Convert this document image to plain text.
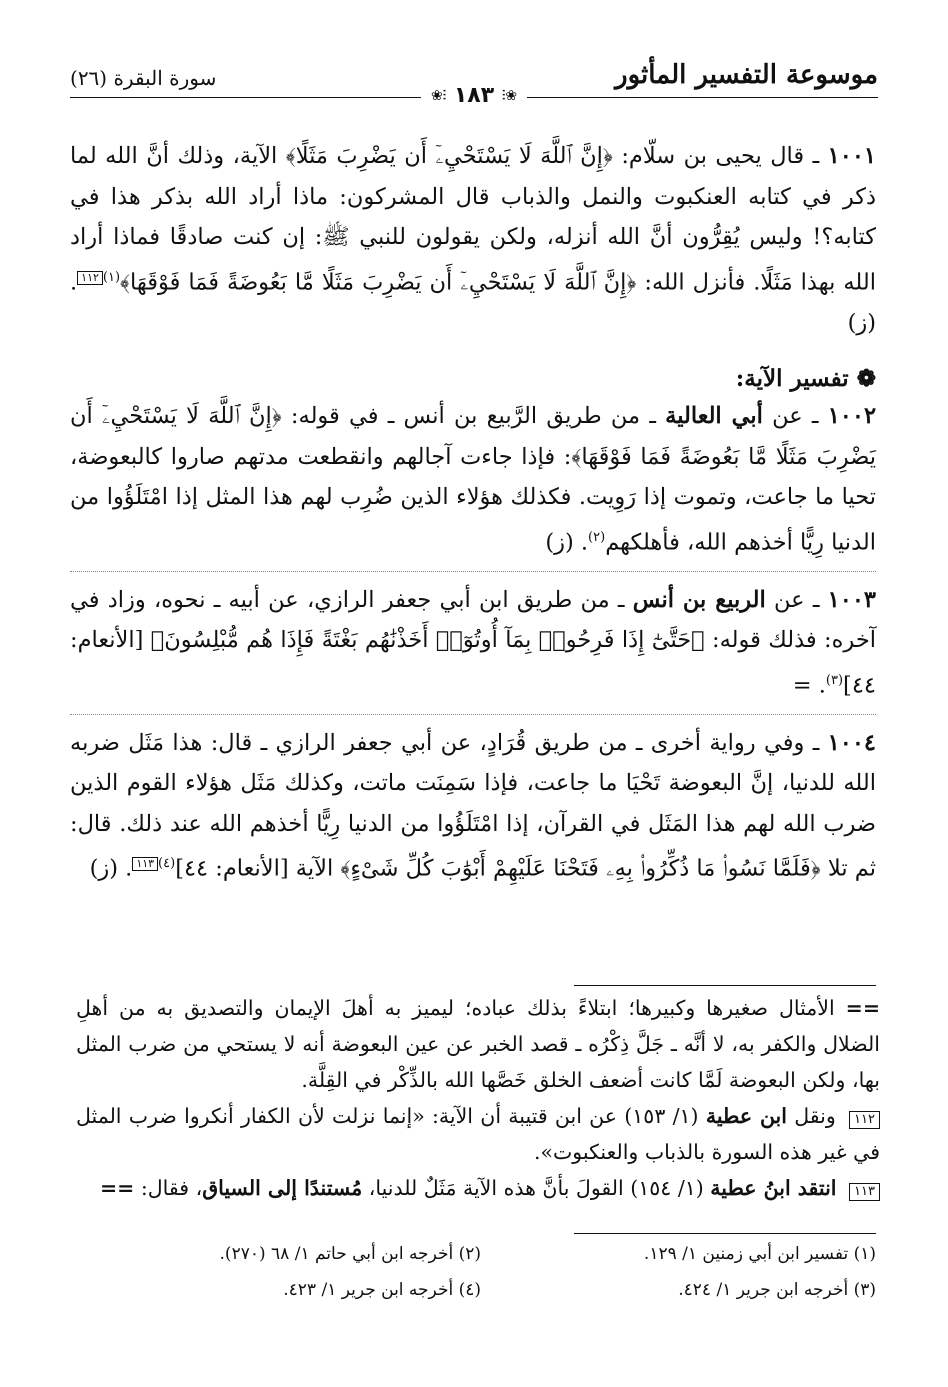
موسوعة التفسير المأثور
سورة البقرة (٢٦)
❀⫶ ١٨٣ ⫶❀

١٠٠١ ـ قال يحيى بن سلّام: ﴿إِنَّ ٱللَّهَ لَا يَسْتَحْيِۦٓ أَن يَضْرِبَ مَثَلًا﴾ الآية، وذلك أنَّ الله لما ذكر في كتابه العنكبوت والنمل والذباب قال المشركون: ماذا أراد الله بذكر هذا في كتابه؟! وليس يُقِرُّون أنَّ الله أنزله، ولكن يقولون للنبي ﷺ: إن كنت صادقًا فماذا أراد الله بهذا مَثَلًا. فأنزل الله: ﴿إِنَّ ٱللَّهَ لَا يَسْتَحْيِۦٓ أَن يَضْرِبَ مَثَلًا مَّا بَعُوضَةً فَمَا فَوْقَهَا﴾$^{(١)}$١١٢. (ز)

❁ تفسير الآية:

١٠٠٢ ـ عن أبي العالية ـ من طريق الرَّبيع بن أنس ـ في قوله: ﴿إِنَّ ٱللَّهَ لَا يَسْتَحْيِۦٓ أَن يَضْرِبَ مَثَلًا مَّا بَعُوضَةً فَمَا فَوْقَهَا﴾: فإذا جاءت آجالهم وانقطعت مدتهم صاروا كالبعوضة، تحيا ما جاعت، وتموت إذا رَوِيت. فكذلك هؤلاء الذين ضُرِب لهم هذا المثل إذا امْتَلَؤُوا من الدنيا رِيًّا أخذهم الله، فأهلكهم$^{(٢)}$. (ز)

١٠٠٣ ـ عن الربيع بن أنس ـ من طريق ابن أبي جعفر الرازي، عن أبيه ـ نحوه، وزاد في آخره: فذلك قوله: ﴿حَتَّىٰٓ إِذَا فَرِحُوا۟ بِمَآ أُوتُوٓا۟ أَخَذْنَٰهُم بَغْتَةً فَإِذَا هُم مُّبْلِسُونَ﴾ [الأنعام: ٤٤]$^{(٣)}$. =

١٠٠٤ ـ وفي رواية أخرى ـ من طريق قُرَادٍ، عن أبي جعفر الرازي ـ قال: هذا مَثَل ضربه الله للدنيا، إنَّ البعوضة تَحْيَا ما جاعت، فإذا سَمِنَت ماتت، وكذلك مَثَل هؤلاء القوم الذين ضرب الله لهم هذا المَثَل في القرآن، إذا امْتَلَؤُوا من الدنيا رِيًّا أخذهم الله عند ذلك. قال: ثم تلا ﴿فَلَمَّا نَسُوا۟ مَا ذُكِّرُوا۟ بِهِۦ فَتَحْنَا عَلَيْهِمْ أَبْوَٰبَ كُلِّ شَىْءٍ﴾ الآية [الأنعام: ٤٤]$^{(٤)}$١١٣. (ز)

== الأمثال صغيرها وكبيرها؛ ابتلاءً بذلك عباده؛ ليميز به أهلَ الإيمان والتصديق به من أهلِ الضلال والكفر به، لا أنَّه ـ جَلَّ ذِكْرُه ـ قصد الخبر عن عين البعوضة أنه لا يستحي من ضرب المثل بها، ولكن البعوضة لَمَّا كانت أضعف الخلق خَصَّها الله بالذِّكْر في القِلَّة.

١١٢ ونقل ابن عطية (١/ ١٥٣) عن ابن قتيبة أن الآية: «إنما نزلت لأن الكفار أنكروا ضرب المثل في غير هذه السورة بالذباب والعنكبوت».

١١٣ انتقد ابنُ عطية (١/ ١٥٤) القولَ بأنَّ هذه الآية مَثَلٌ للدنيا، مُستندًا إلى السياق، فقال: ==

(١) تفسير ابن أبي زمنين ١/ ١٢٩.
(٢) أخرجه ابن أبي حاتم ١/ ٦٨ (٢٧٠).
(٣) أخرجه ابن جرير ١/ ٤٢٤.
(٤) أخرجه ابن جرير ١/ ٤٢٣.
